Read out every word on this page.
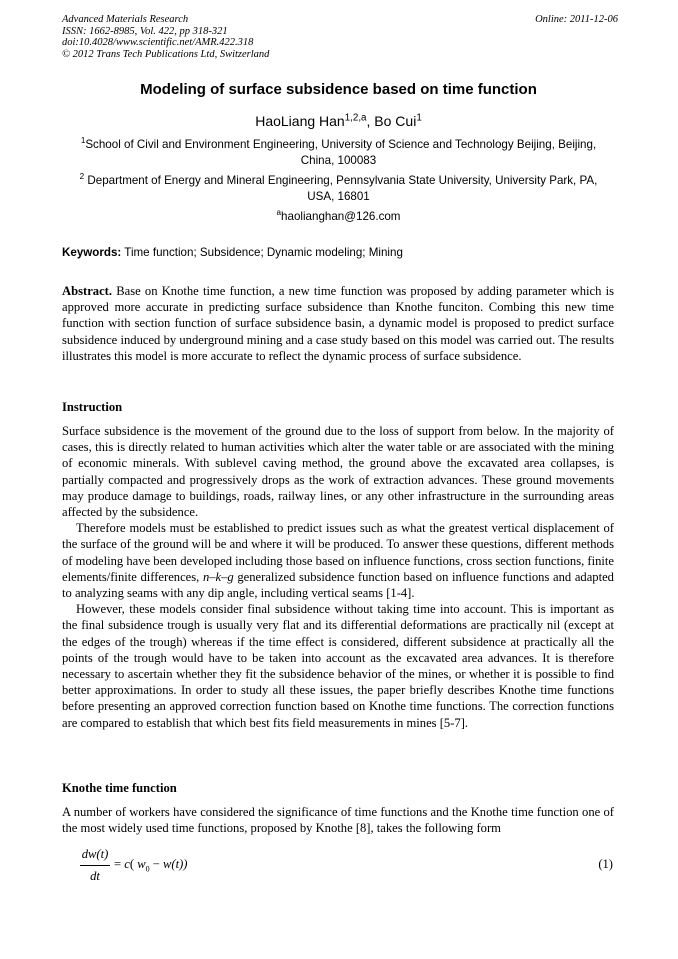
Advanced Materials Research
ISSN: 1662-8985, Vol. 422, pp 318-321
doi:10.4028/www.scientific.net/AMR.422.318
© 2012 Trans Tech Publications Ltd, Switzerland
Online: 2011-12-06
Modeling of surface subsidence based on time function
HaoLiang Han$^{1,2,a}$, Bo Cui$^1$
$^1$School of Civil and Environment Engineering, University of Science and Technology Beijing, Beijing, China, 100083
$^2$ Department of Energy and Mineral Engineering, Pennsylvania State University, University Park, PA, USA, 16801
$^a$haolianghan@126.com
Keywords: Time function; Subsidence; Dynamic modeling; Mining

Abstract. Base on Knothe time function, a new time function was proposed by adding parameter which is approved more accurate in predicting surface subsidence than Knothe funciton. Combing this new time function with section function of surface subsidence basin, a dynamic model is proposed to predict surface subsidence induced by underground mining and a case study based on this model was carried out. The results illustrates this model is more accurate to reflect the dynamic process of surface subsidence.

Instruction

Surface subsidence is the movement of the ground due to the loss of support from below. In the majority of cases, this is directly related to human activities which alter the water table or are associated with the mining of economic minerals. With sublevel caving method, the ground above the excavated area collapses, is partially compacted and progressively drops as the work of extraction advances. These ground movements may produce damage to buildings, roads, railway lines, or any other infrastructure in the surrounding areas affected by the subsidence.

Therefore models must be established to predict issues such as what the greatest vertical displacement of the surface of the ground will be and where it will be produced. To answer these questions, different methods of modeling have been developed including those based on influence functions, cross section functions, finite elements/finite differences, n–k–g generalized subsidence function based on influence functions and adapted to analyzing seams with any dip angle, including vertical seams [1-4].

However, these models consider final subsidence without taking time into account. This is important as the final subsidence trough is usually very flat and its differential deformations are practically nil (except at the edges of the trough) whereas if the time effect is considered, different subsidence at practically all the points of the trough would have to be taken into account as the excavated area advances. It is therefore necessary to ascertain whether they fit the subsidence behavior of the mines, or whether it is possible to find better approximations. In order to study all these issues, the paper briefly describes Knothe time functions before presenting an approved correction function based on Knothe time functions. The correction functions are compared to establish that which best fits field measurements in mines [5-7].

Knothe time function

A number of workers have considered the significance of time functions and the Knothe time function one of the most widely used time functions, proposed by Knothe [8], takes the following form

dw(t)
dt
= c( $w_0 - w(t)$)	(1)
